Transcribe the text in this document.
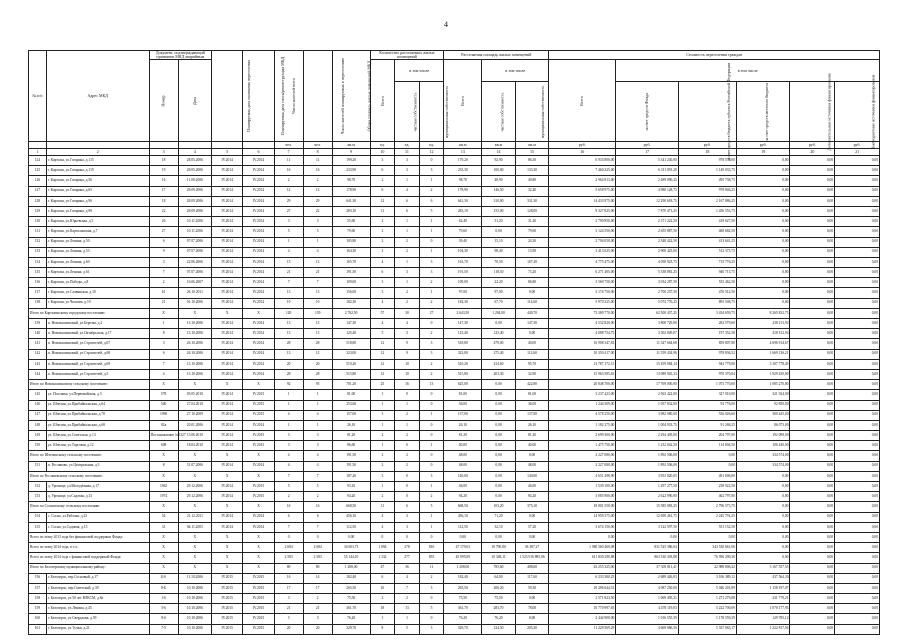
4
№ п/п	Адрес МКД	Документ, подтверждающий признание МКД аварийным		Планируемая дата окончания переселения	Планируемая дата сноса/реконструкции МКД	Число жителей всего	Число жителей планируемых к переселению	Общая площадь жилых помещений МКД	Количество расселяемых жилых помещений			Расселяемая площадь жилых помещений			Стоимость переселения граждан					
		Номер	Дата						Всего	в том числе		Всего	в том числе		Всего	в том числе				
										частная собственность	муниципальная собственность		частная собственность	муниципальная собственность		за счет средств Фонда	за счет средств бюджета субъекта Российской Федерации	за счет средств местного бюджета	Дополнительные источники финансирования	Внебюджетные источники финансирования
						чел.	чел.	кв.м	ед.	ед.	ед.	кв.м	кв.м	кв.м	руб.	руб.	руб.	руб.	руб.	руб.
1	2	3	4	5	6	7	8	9	10	11	12	13	14	15	16	17	18	19	20	21
124	г. Карталы, ул.Гагарина, д.115	18	28.05.2006	IV.2014	IV.2014	11	11	199,20	3	3	0	179,20	92,90	86,30	6 933 800,00	5 341 230,00	978 570,00	0,00	0,00	0,00
125	г. Карталы, ул.Гагарина, д.119	19	28.05.2006	IV.2014	IV.2014	16	16	233,90	6	3	3	233,30	100,00	133,30	7 460 225,00	6 311 091,20	1 149 033,75	0,00	0,00	0,00
126	г. Карталы, ул.Гагарина, д.56	16	11.08.2006	IV.2014	IV.2014	2	2	98,70	2	1	1	98,70	48,90	49,80	2 964 813,00	2 489 090,25	495 738,75	0,00	0,00	0,00
127	г. Карталы, ул.Гагарина, д.65	17	28.09.2006	IV.2014	IV.2014	12	12	178,90	6	4	2	178,90	146,50	32,40	5 658 975,00	4 980 128,75	978 846,25	0,00	0,00	0,00
128	г. Карталы, ул.Гагарина, д.96	18	28.09.2006	IV.2014	IV.2014	29	29	641,30	12	6	6	641,30	310,00	331,30	14 433 975,00	12 290 618,75	2 167 886,25	0,00	0,00	0,00
129	г. Карталы, ул.Гагарина, д.98	22	28.09.2006	IV.2014	IV.2014	27	22	283,10	11	6	5	283,10	155,00	128,00	9 327 025,00	7 870 471,25	1 456 553,75	0,00	0,00	0,00
130	г. Карталы, ул.Юрьевская, д.5	26	10.11.2006	IV.2014	IV.2014	3	3	55,60	2	1	1	62,40	31,20	31,20	2 790 850,00	2 371 222,50	419 627,50	0,00	0,00	0,00
131	г. Карталы, ул.Карталинская, д.7	27	10.11.2006	IV.2014	IV.2014	5	5	79,60	2	1	1	79,60	0,00	79,60	3 124 550,00	2 655 887,50	468 682,50	0,00	0,00	0,00
132	г. Карталы, ул.Ленина, д.50	6	07.07.2006	IV.2014	IV.2014	1	1	105,80	2	2	0	39,40	15,10	24,30	2 794 050,00	2 348 422,50	413 641,25	0,00	0,00	0,00
133	г. Карталы, ул.Ленина, д.53	9	07.07.2006	IV.2014	IV.2014	4	4	164,30	3	2	1	104,30	98,40	13,90	3 413 625,00	2 900 425,00	512 375,75	0,00	0,00	0,00
134	г. Карталы, ул.Ленина, д.60	3	22.06.2006	IV.2014	IV.2014	15	12	165,70	4	1	3	163,70	70,50	107,20	4 775 475,00	4 058 923,75	715 776,25	0,00	0,00	0,00
135	г. Карталы, ул.Ленина, д.61	7	07.07.2006	IV.2014	IV.2014	21	21	191,50	6	3	3	191,50	118,30	73,20	6 271 405,00	5 338 881,25	940 713,75	0,00	0,00	0,00
136	г. Карталы, ул.Победы, д.8	2	16.06.2007	IV.2014	IV.2014	7	7	109,00	3	1	2	109,00	22,20	86,80	3 569 750,00	3 034 287,50	535 462,50	0,00	0,00	0,00
137	г. Карталы, ул.Славянская, д.10	61	26.10.2011	IV.2014	IV.2014	13	13	156,00	3	2	1	97,00	97,00	0,00	3 176 750,00	2 700 237,50	476 512,50	0,00	0,00	0,00
138	г. Карталы, ул.Чкалова, д.19	21	01.10.2006	IV.2014	IV.2014	10	10	182,30	4	2	2	182,30	67,70	114,60	5 970 325,00	5 074 776,25	895 548,75	0,00	0,00	0,00
Итого по Карталинскому городскому поселению:		X	X	X	X	120	139	2 762,50	57	30	27	2 643,50	1 294,00	449,70	73 380 770,00	62 500 437,25	3 434 659,75	8 265 832,75	0,00	0,00
139	п. Новокаолиновый, ул.Березка, д.2	1	13.10.2006	IV.2014	IV.2014	13	13	147,30	4	4	0	147,30	0,00	147,30	4 532 820,00	3 808 729,00	282 579,60	238 213,92	0,00	0,00
140	п. Новокаолиновый, ул.Октябрьская, д.17	8	13.10.2006	IV.2014	IV.2014	13	13	125,40	5	3	2	125,40	125,40	0,00	4 088 754,75	3 502 849,07	197 352,58	418 152,94	0,00	0,00
141	п. Новокаолиновый, ул.Строителей, д.67	3	26.10.2006	IV.2014	IV.2014	28	28	518,80	12	9	3	518,80	479,00	40,00	16 908 347,63	11 347 664,68	859 807,80	4 696 914,67	0,00	0,00
142	п. Новокаолиновый, ул.Строителей, д.68	6	26.10.2006	IV.2014	IV.2014	13	12	323,00	12	9	3	323,00	275,40	112,60	10 350 417,00	11 559 434,96	978 836,52	1 669 136,21	0,00	0,00
143	п. Новокаолиновый, ул.Строителей, д.69	7	13.10.2006	IV.2014	IV.2014	20	20	510,20	12	10	2	510,20	414,60	95,70	13 787 172,15	15 459 084,14	943 779,00	3 107 778,45	0,00	0,00
144	п. Новокаолиновый, ул.Строителей, д.5	4	13.10.2006	IV.2014	IV.2014	28	28	515,80	12	10	2	515,80	403,30	32,90	15 963 585,63	13 089 945,33	970 370,04	1 929 450,00	0,00	0,00
Итого по Новокаолиновому сельскому поселению:		X	X	X	X	92	95	701,20	25	16	13	625,00	0,00	422,80	20 848 700,00	17 769 000,00	1 073 770,00	1 085 270,00	0,00	0,00
145	ул. Полтавка, ул.Первомайская, д.3	578	05.05.2010	IV.2014	IV.2015	1	1	81,00	1	0	0	81,00	0,00	81,00	3 237 423,00	2 563 422,00	327 010,00	321 924,00	0,00	0,00
146	ул. Шчелин, ул.Прибайкальская, д.64	540	27.04.2010	IV.2014	IV.2015	1	1	253,60	1	1	0	36,00	0,00	36,00	1 244 509,00	1 057 832,00	93 776,00	92 850,00	0,00	0,00
147	ул. Шчелин, ул.Прибайкальская, д.70	1990	27.10.2009	IV.2014	IV.2015	4	4	157,00	3	2	1	137,00	0,00	137,00	4 578 250,00	3 982 080,00	536 026,60	300 445,00	0,00	0,00
148	ул. Шчелин, ул.Прибайкальская, д.68	82а	20.01.2006	IV.2014	IV.2014	1	1	26,10	1	1	0	26,10	0,00	26,10	1 182 275,00	1 004 933,75	91 268,25	86 073,00	0,00	0,00
149	ул. Шчелин, ул.Советская, д.13	Постановление №1327	15.06.2010	IV.2014	IV.2015	3	3	81,20	2	2	0	81,20	0,00	81,20	2 699 300,00	2 294 405,00	204 797,00	192 098,00	0,00	0,00
150	ул. Шчелин, ул.Торговая, д.12	608	18.04.2010	IV.2014	IV.2015	3	3	86,60	1	0	1	40,00	0,00	40,00	1 475 750,00	1 232 042,50	114 694,50	106 430,00	0,00	0,00
Итого по Шчелинскому сельскому поселению:		X	X	X	X	4	4	191,50	2	2	0	48,00	0,00	0,00	2 227 080,00	1 892 506,00	0,00	334 574,00	0,00	0,00
151	п. Росляково, ул.Центральная, д.3	8	31.07.2006	IV.2014	IV.2014	4	4	191,50	2	2	0	48,00	0,00	48,00	2 227 080,00	1 892 506,00	0,00	334 574,00	0,00	0,00
Итого по Росляковскому сельскому поселению:		X	X	X	X	7	7	187,20	3	0	3	140,00	0,00	140,00	4 651 298,90	3 953 820,05	491 696,00	0,00	0,00	0,00
152	д. Урочище, ул.Молодёжная, д.17	1962	29.12.2006	IV.2014	IV.2015	5	5	93,10	1	0	1	46,00	0,00	46,00	1 539 100,00	1 297 277,50	238 922,50	0,00	0,00	0,00
153	д. Урочище, ул.Садовая, д.13	1974	29.12.2006	IV.2014	IV.2015	2	2	94,20	2	0	2	94,20	0,00	94,20	3 085 900,00	2 622 990,00	462 797,00	0,00	0,00	0,00
Итого по Сосновскому сельскому поселению:		X	X	X	X	16	16	668,50	11	6	5	668,50	103,20	375,10	18 801 550,00	15 585 083,25	2 796 573,75	0,00	0,00	0,00
154	с. Сосна, ул.Рабочая, д.23	54	21.12.2011	IV.2014	IV.2014	6	6	456,10	4	3	1	456,10	71,20	0,00	14 959 375,00	12 690 461,75	2 245 791,25	0,00	0,00	0,00
155	с. Сосна, ул.Садовая, д.15	31	04.11.2005	IV.2014	IV.2014	7	7	112,50	4	3	1	112,50	32,10	57,20	3 674 150,00	3 122 597,50	551 152,50	0,00	0,00	0,00
Всего по этапу 2013 года без финансовой поддержки Фонда:		X	X	X	X	0	0	0,00	0	0	0	0,00	0,00	0,00	0,00	0,00	0,00	0,00	0,00	0,00
Всего по этапу 2014 года, в т.ч.:		X	X	X	X	2 684	2 684	34 603,73	1 094	278	816	47 179,03	10 790,80	36 387,27	1 580 560 460,08	831 525 386,04	343 530 661,06	0,00	0,00	0,00
Всего по этапу 2014 года с финансовой поддержкой Фонда:		X	X	X	X	2 583	2 583	55 144,10	1 132	277	855	45 095,09	10 348,11	1 523 916 885,06	611 830 290,88	863 530 303,88	76 956 290,30	0,00	0,00	0,00
Итого по Белозерскому муниципальному району:		X	X	X	X	80	80	1 208,00	47	36	11	1 208,00	785,60	408,60	43 255 325,00	37 305 811,41	22 988 806,42	3 167 557,55	0,00	0,00
156	г. Белозерск, пер.Сосновый, д.17	Б/б	11.10.2006	IV.2015	IV.2015	16	14	182,40	6	4	2	182,40	64,00	117,60	6 233 380,25	2 689 426,83	3 106 389,12	437 564,30	0,00	0,00
157	г. Белозерск, пер.Советский, д.39	8-Б	10.10.2006	IV.2015	IV.2015	17	17	265,50	10	7	3	265,50	206,20	59,30	10 296 644,31	4 087 250,00	5 046 201,89	1 158 197,07	0,00	0,00
158	г. Белозерск, ул.50 лет ВЛКСМ, д.8а	1-6	10.10.2006	IV.2015	IV.2015	3	2	75,50	2	2	0	75,50	75,50	0,00	2 571 823,50	1 069 405,21	1 271 279,08	231 779,21	0,00	0,00
159	г. Белозерск, ул.Ленина, д.45	5-6	10.10.2006	IV.2015	IV.2015	21	21	361,70	18	13	5	361,70	283,70	78,00	10 770 997,65	4 478 119,03	5 222 700,69	1 070 177,93	0,00	0,00
160	г. Белозерск, ул.Свердлова, д.59	8-6	10.10.2006	IV.2015	IV.2015	3	3	76,20	1	1	0	76,20	76,20	0,00	2 444 900,00	1 016 555,59	1 178 559,29	129 785,12	0,00	0,00
161	г. Белозерск, ул.Тучки, д.21	7-5	10.10.2006	IV.2015	IV.2015	20	20	329,70	8	5	3	329,70	124,50	205,20	11 229 569,29	4 669 686,56	5 337 065,17	1 222 817,56	0,00	0,00
